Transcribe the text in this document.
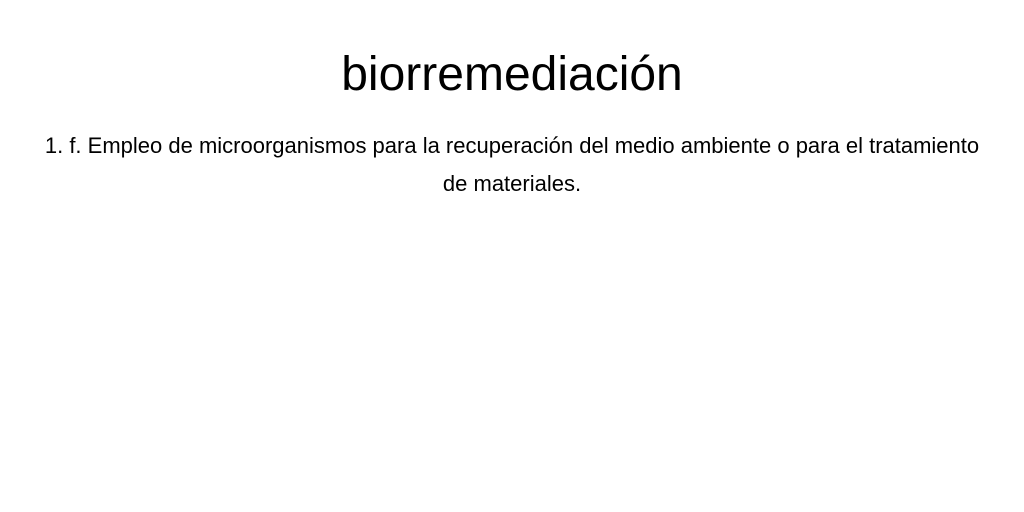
biorremediación

1. f. Empleo de microorganismos para la recuperación del medio ambiente o para el tratamiento de materiales.
